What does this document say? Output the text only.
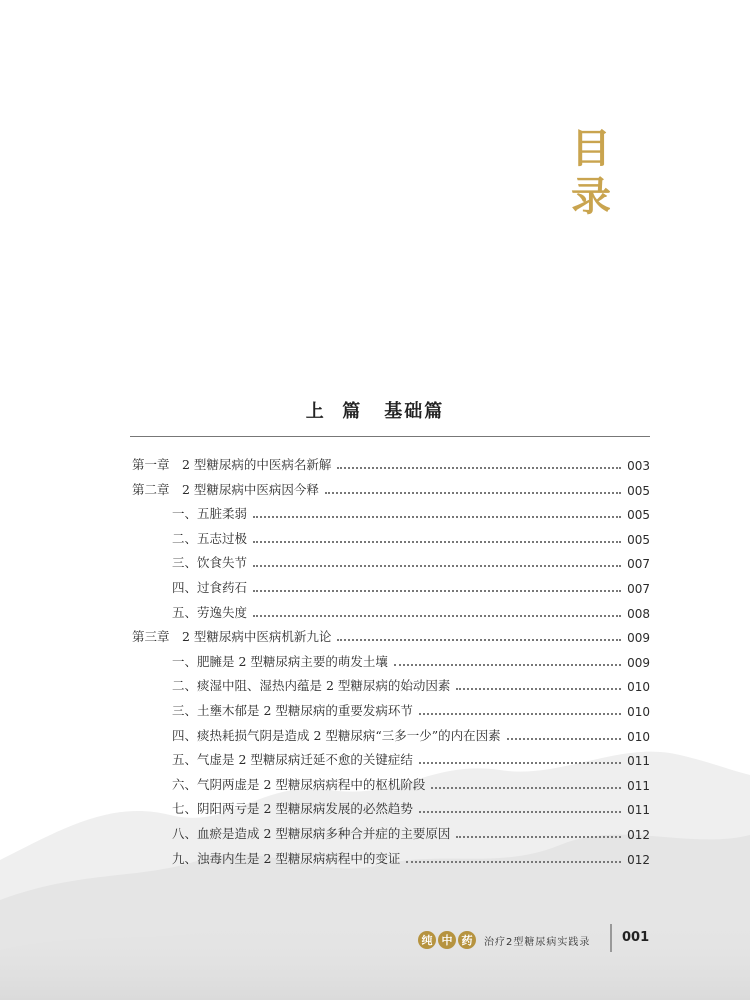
目
录
上  篇 基础篇
第一章　2 型糖尿病的中医病名新解	003
第二章　2 型糖尿病中医病因今释	005
一、五脏柔弱	005
二、五志过极	005
三、饮食失节	007
四、过食药石	007
五、劳逸失度	008
第三章　2 型糖尿病中医病机新九论	009
一、肥臃是 2 型糖尿病主要的萌发土壤	009
二、痰湿中阻、湿热内蕴是 2 型糖尿病的始动因素	010
三、土壅木郁是 2 型糖尿病的重要发病环节	010
四、痰热耗损气阴是造成 2 型糖尿病“三多一少”的内在因素	010
五、气虚是 2 型糖尿病迁延不愈的关键症结	011
六、气阴两虚是 2 型糖尿病病程中的枢机阶段	011
七、阴阳两亏是 2 型糖尿病发展的必然趋势	011
八、血瘀是造成 2 型糖尿病多种合并症的主要原因	012
九、浊毒内生是 2 型糖尿病病程中的变证	012
纯 中 药	治疗2型糖尿病实践录 001
